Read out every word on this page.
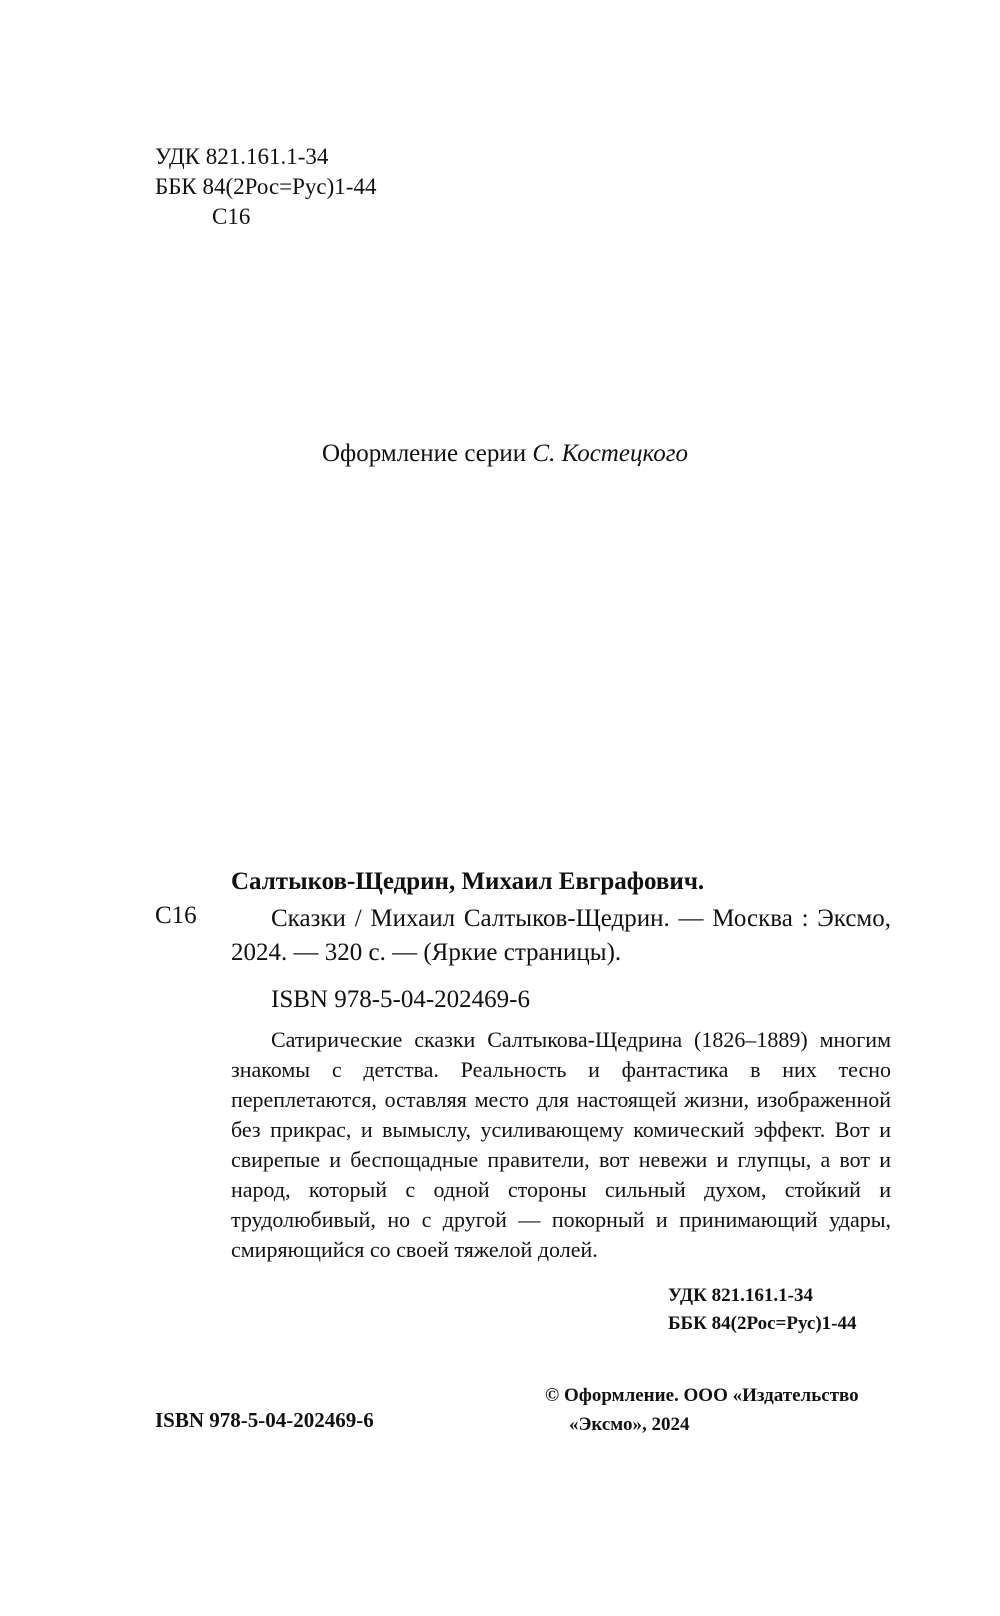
УДК 821.161.1-34
ББК 84(2Рос=Рус)1-44
С16
Оформление серии С. Костецкого
Салтыков-Щедрин, Михаил Евграфович.
С16	Сказки / Михаил Салтыков-Щедрин. — Москва : Эксмо, 2024. — 320 с. — (Яркие страницы).
ISBN 978-5-04-202469-6
Сатирические сказки Салтыкова-Щедрина (1826–1889) многим знакомы с детства. Реальность и фантастика в них тесно переплетаются, оставляя место для настоящей жизни, изображенной без прикрас, и вымыслу, усиливающему комический эффект. Вот и свирепые и беспощадные правители, вот невежи и глупцы, а вот и народ, который с одной стороны сильный духом, стойкий и трудолюбивый, но с другой — покорный и принимающий удары, смиряющийся со своей тяжелой долей.
УДК 821.161.1-34
ББК 84(2Рос=Рус)1-44
© Оформление. ООО «Издательство
«Эксмо», 2024
ISBN 978-5-04-202469-6
